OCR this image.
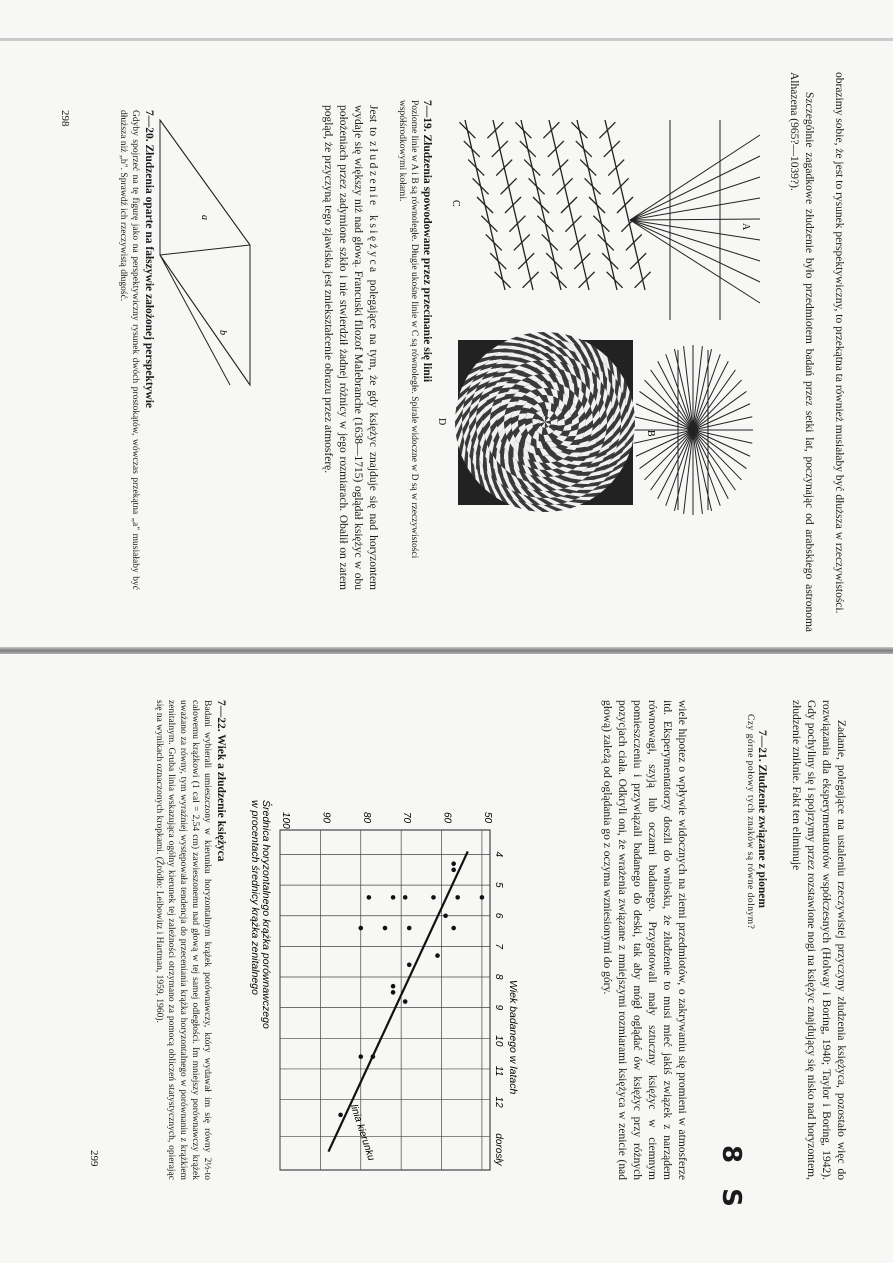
obrazimy sobie, że jest to rysunek perspektywiczny, to przekątna ta również musiałaby być dłuższa w rzeczywistości.

Szczególnie zagadkowe złudzenie było przedmiotem badań przez setki lat, poczynając od arabskiego astronoma Alhazena (965?—1039?).

7—19. Złudzenia spowodowane przez przecinanie się linii
Poziome linie w A i B są równoległe. Długie ukośne linie w C są równoległe. Spirale widoczne w D są w rzeczywistości współśrodkowymi kołami.

Jest to złudzenie księżyca polegające na tym, że gdy księżyc znajduje się nad horyzontem wydaje się większy niż nad głową. Francuski filozof Malebranche (1638—1715) oglądał księżyc w obu położeniach przez zadymione szkło i nie stwierdził żadnej różnicy w jego rozmiarach. Obalił on zatem pogląd, że przyczyną tego zjawiska jest zniekształcenie obrazu przez atmosferę.

7—20. Złudzenia oparte na fałszywie założonej perspektywie
Gdyby spojrzeć na tę figurę jako na perspektywiczny rysunek dwóch prostokątów, wówczas przekątna „a" musiałaby być dłuższa niż „b". Sprawdź ich rzeczywistą długość.
298
A
B
C
D
a
b

Zadanie, polegające na ustaleniu rzeczywistej przyczyny złudzenia księżyca, pozostało więc do rozwiązania dla eksperymentatorów współczesnych (Holway i Boring, 1940; Taylor i Boring, 1942). Gdy pochyliny się i spojrzymy przez rozstawione nogi na księżyc znajdujący się nisko nad horyzontem, złudzenie zniknie. Fakt ten eliminuje

7—21. Złudzenie związane z pionem
Czy górne połowy tych znaków są równe dolnym?
8 S

wiele hipotez o wpływie widocznych na ziemi przedmiotów, o zakrywaniu się promieni w atmosferze itd. Eksperymentatorzy doszli do wniosku, że złudzenie to musi mieć jakiś związek z narządem równowagi, szyją lub oczami badanego. Przygotowali mały sztuczny księżyc w ciemnym pomieszczeniu i przywiązali badanego do deski, tak aby mógł oglądać ów księżyc przy różnych pozycjach ciała. Odkryli oni, że wrażenia związane z mniejszymi rozmiarami księżyca w zenicie (nad głową) zależą od oglądania go z oczyma wzniesionymi do góry.

50
60
70
80
90
100
4
5
6
7
8
9
10
11
12
dorosły
linia kierunku
Średnica horyzontalnego krążka porównawczegow procentach średnicy krążka zenitalnego
Wiek badanego w latach
7—22. Wiek a złudzenie księżyca
Badani wybierali umieszczony w kierunku horyzontalnym krążek porównawczy, który wydawał im się równy 2½-to calowemu krążkowi (1 cal = 2,54 cm) zawieszonemu nad głową w tej samej odległości. Im mniejszy porównawczy krążek uważano za równy, tym wyraźniej występowała tendencja do przeceniania krążka horyzontalnego w porównaniu z krążkiem zenitalnym. Gruba linia wskazująca ogólny kierunek tej zależności otrzymano za pomocą obliczeń statystycznych, opierając się na wynikach oznaczonych kropkami. (Źródło: Leibowitz i Hartman, 1959, 1960).
299
